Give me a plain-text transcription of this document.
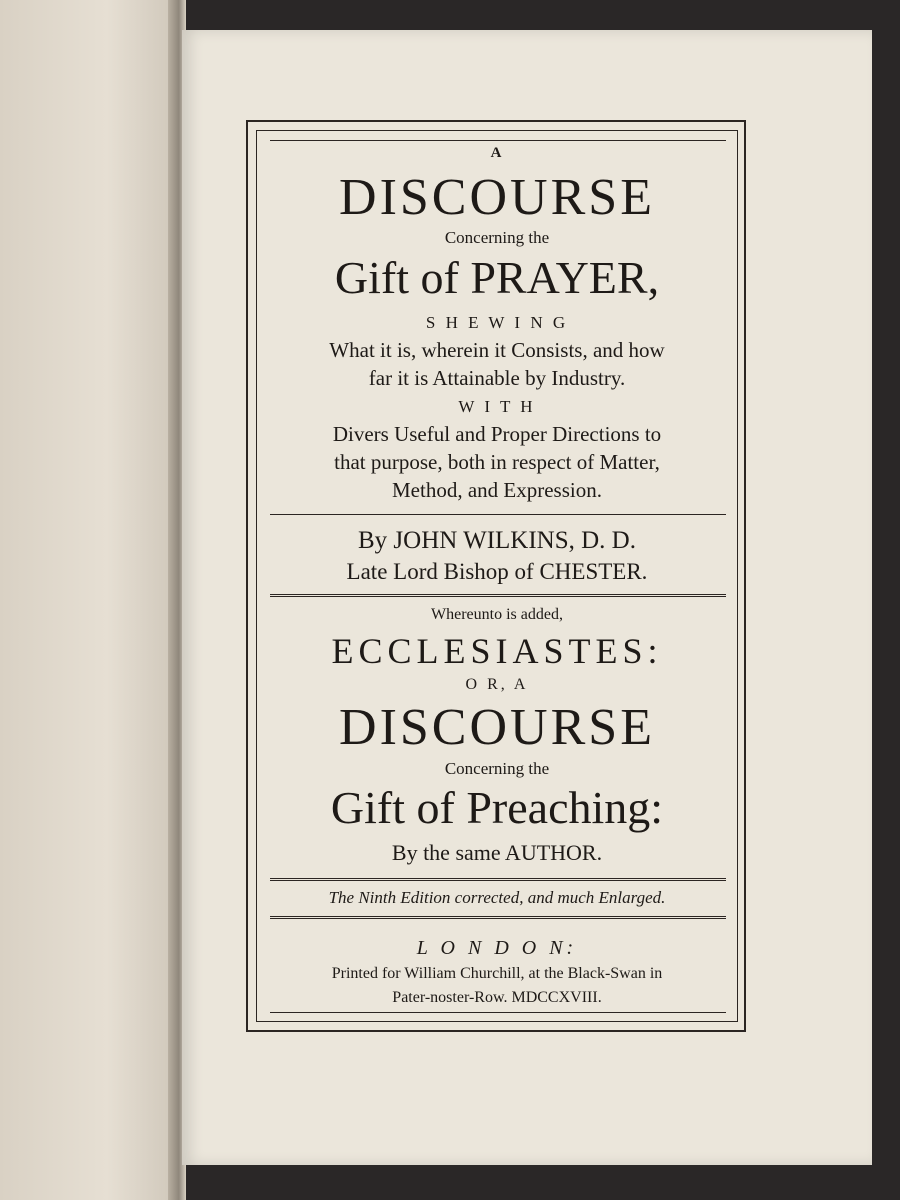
A

DISCOURSE

Concerning the

Gift of PRAYER,

S H E W I N G

What it is, wherein it Consists, and how

far it is Attainable by Industry.

W I T H

Divers Useful and Proper Directions to

that purpose, both in respect of Matter,

Method, and Expression.

By JOHN WILKINS, D. D.

Late Lord Bishop of CHESTER.

Whereunto is added,

ECCLESIASTES:

O R, A

DISCOURSE

Concerning the

Gift of Preaching:

By the same AUTHOR.

The Ninth Edition corrected, and much Enlarged.

L O N D O N:

Printed for William Churchill, at the Black-Swan in

Pater-noster-Row. MDCCXVIII.
